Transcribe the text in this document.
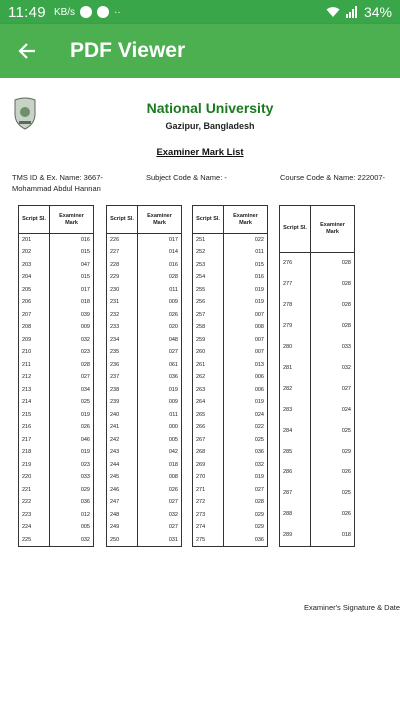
11:49 KB/s	··	34%
PDF Viewer
National University
Gazipur, Bangladesh
Examiner Mark List
TMS ID & Ex. Name: 3667-Mohammad Abdul Hannan
Subject Code & Name: -	Course Code & Name: 222007-
Script Sl.	Examiner Mark
201	016
202	015
203	047
204	015
205	017
206	018
207	039
208	009
209	032
210	023
211	028
212	027
213	034
214	025
215	019
216	026
217	046
218	019
219	023
220	033
221	029
222	036
223	012
224	005
225	032
Script Sl.	Examiner Mark
226	017
227	014
228	016
229	028
230	011
231	009
232	026
233	020
234	048
235	027
236	061
237	036
238	019
239	009
240	011
241	000
242	005
243	042
244	018
245	008
246	026
247	027
248	032
249	027
250	031
Script Sl.	Examiner Mark
251	022
252	011
253	015
254	016
255	019
256	019
257	007
258	008
259	007
260	007
261	013
262	006
263	006
264	019
265	024
266	022
267	025
268	036
269	032
270	019
271	027
272	028
273	029
274	029
275	036
Script Sl.	Examiner Mark
276	028
277	028
278	028
279	028
280	033
281	032
282	027
283	024
284	025
285	029
286	026
287	025
288	026
289	018
Examiner's Signature & Date
